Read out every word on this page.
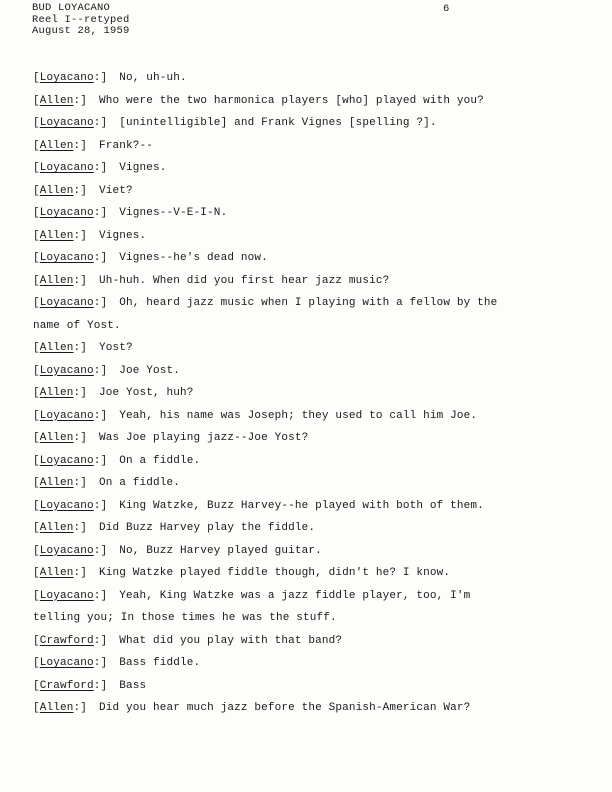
BUD LOYACANO
Reel I--retyped
August 28, 1959
6
[Loyacano:] No, uh-uh.
[Allen:] Who were the two harmonica players [who] played with you?
[Loyacano:] [unintelligible] and Frank Vignes [spelling ?].
[Allen:] Frank?--
[Loyacano:] Vignes.
[Allen:] Viet?
[Loyacano:] Vignes--V-E-I-N.
[Allen:] Vignes.
[Loyacano:] Vignes--he's dead now.
[Allen:] Uh-huh. When did you first hear jazz music?
[Loyacano:] Oh, heard jazz music when I playing with a fellow by the
name of Yost.
[Allen:] Yost?
[Loyacano:] Joe Yost.
[Allen:] Joe Yost, huh?
[Loyacano:] Yeah, his name was Joseph; they used to call him Joe.
[Allen:] Was Joe playing jazz--Joe Yost?
[Loyacano:] On a fiddle.
[Allen:] On a fiddle.
[Loyacano:] King Watzke, Buzz Harvey--he played with both of them.
[Allen:] Did Buzz Harvey play the fiddle.
[Loyacano:] No, Buzz Harvey played guitar.
[Allen:] King Watzke played fiddle though, didn't he? I know.
[Loyacano:] Yeah, King Watzke was a jazz fiddle player, too, I'm
telling you; In those times he was the stuff.
[Crawford:] What did you play with that band?
[Loyacano:] Bass fiddle.
[Crawford:] Bass
[Allen:] Did you hear much jazz before the Spanish-American War?
